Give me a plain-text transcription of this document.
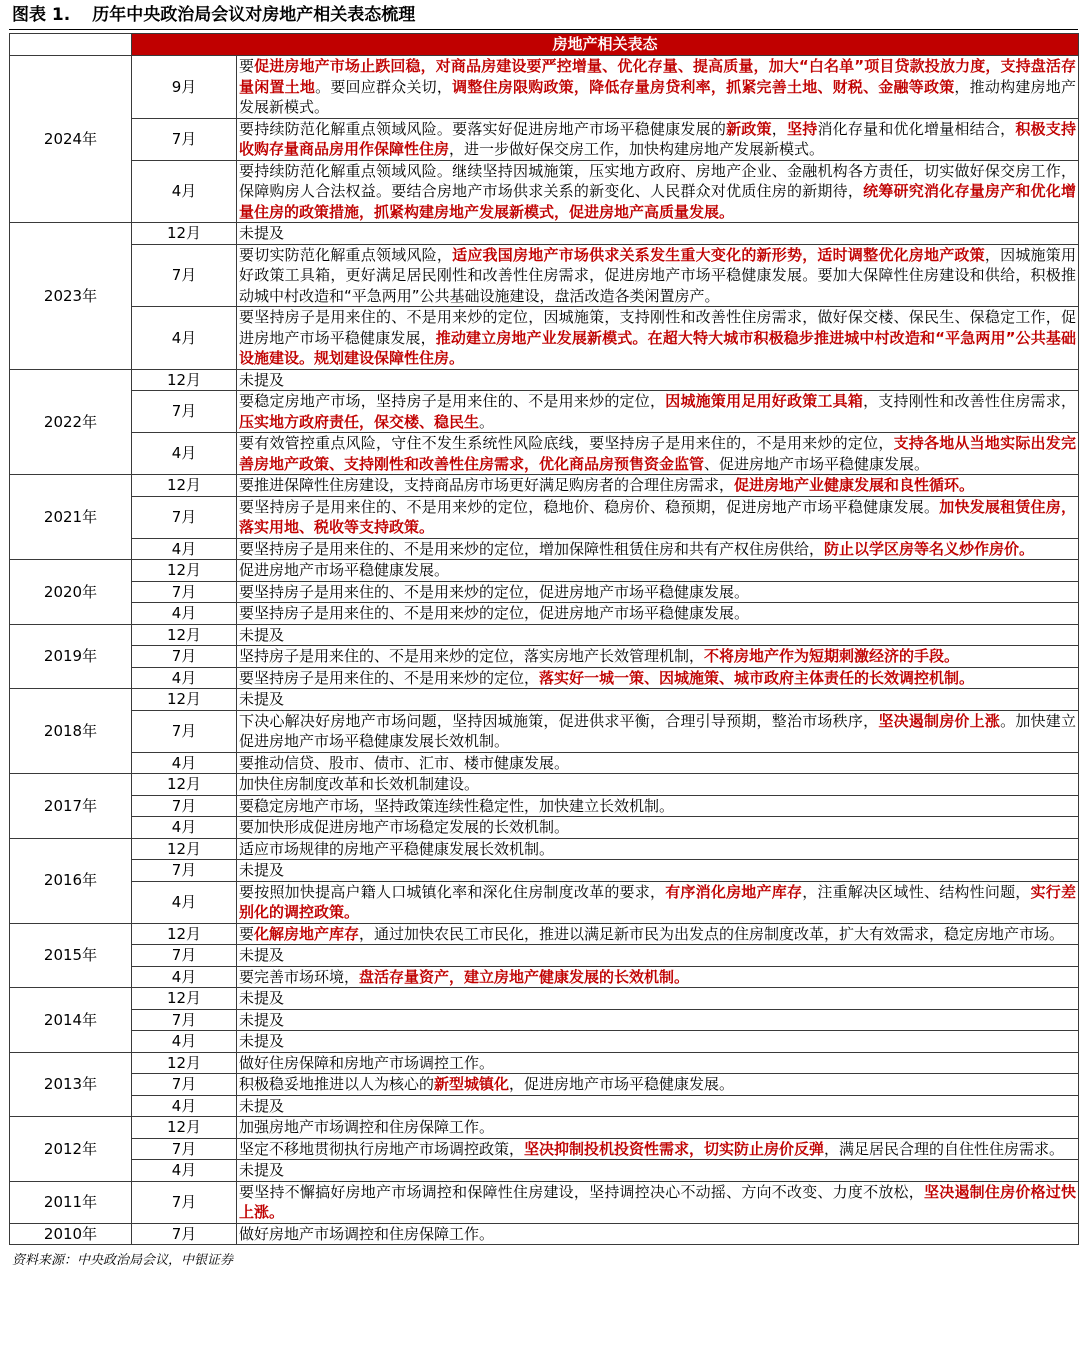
图表 1. 历年中央政治局会议对房地产相关表态梳理
	房地产相关表态	
2024年	9月	要促进房地产市场止跌回稳，对商品房建设要严控增量、优化存量、提高质量，加大“白名单”项目贷款投放力度，支持盘活存量闲置土地。要回应群众关切，调整住房限购政策，降低存量房贷利率，抓紧完善土地、财税、金融等政策，推动构建房地产发展新模式。
	7月	要持续防范化解重点领域风险。要落实好促进房地产市场平稳健康发展的新政策，坚持消化存量和优化增量相结合，积极支持收购存量商品房用作保障性住房，进一步做好保交房工作，加快构建房地产发展新模式。
	4月	要持续防范化解重点领域风险。继续坚持因城施策，压实地方政府、房地产企业、金融机构各方责任，切实做好保交房工作，保障购房人合法权益。要结合房地产市场供求关系的新变化、人民群众对优质住房的新期待，统筹研究消化存量房产和优化增量住房的政策措施，抓紧构建房地产发展新模式，促进房地产高质量发展。
2023年	12月	未提及
	7月	要切实防范化解重点领域风险，适应我国房地产市场供求关系发生重大变化的新形势，适时调整优化房地产政策，因城施策用好政策工具箱，更好满足居民刚性和改善性住房需求，促进房地产市场平稳健康发展。要加大保障性住房建设和供给，积极推动城中村改造和“平急两用”公共基础设施建设，盘活改造各类闲置房产。
	4月	要坚持房子是用来住的、不是用来炒的定位，因城施策，支持刚性和改善性住房需求，做好保交楼、保民生、保稳定工作，促进房地产市场平稳健康发展，推动建立房地产业发展新模式。在超大特大城市积极稳步推进城中村改造和“平急两用”公共基础设施建设。规划建设保障性住房。
2022年	12月	未提及
	7月	要稳定房地产市场，坚持房子是用来住的、不是用来炒的定位，因城施策用足用好政策工具箱，支持刚性和改善性住房需求，压实地方政府责任，保交楼、稳民生。
	4月	要有效管控重点风险，守住不发生系统性风险底线，要坚持房子是用来住的，不是用来炒的定位，支持各地从当地实际出发完善房地产政策、支持刚性和改善性住房需求，优化商品房预售资金监管、促进房地产市场平稳健康发展。
2021年	12月	要推进保障性住房建设，支持商品房市场更好满足购房者的合理住房需求，促进房地产业健康发展和良性循环。
	7月	要坚持房子是用来住的、不是用来炒的定位，稳地价、稳房价、稳预期，促进房地产市场平稳健康发展。加快发展租赁住房，落实用地、税收等支持政策。
	4月	要坚持房子是用来住的、不是用来炒的定位，增加保障性租赁住房和共有产权住房供给，防止以学区房等名义炒作房价。
2020年	12月	促进房地产市场平稳健康发展。
	7月	要坚持房子是用来住的、不是用来炒的定位，促进房地产市场平稳健康发展。
	4月	要坚持房子是用来住的、不是用来炒的定位，促进房地产市场平稳健康发展。
2019年	12月	未提及
	7月	坚持房子是用来住的、不是用来炒的定位，落实房地产长效管理机制，不将房地产作为短期刺激经济的手段。
	4月	要坚持房子是用来住的、不是用来炒的定位，落实好一城一策、因城施策、城市政府主体责任的长效调控机制。
2018年	12月	未提及
	7月	下决心解决好房地产市场问题，坚持因城施策，促进供求平衡，合理引导预期，整治市场秩序，坚决遏制房价上涨。加快建立促进房地产市场平稳健康发展长效机制。
	4月	要推动信贷、股市、债市、汇市、楼市健康发展。
2017年	12月	加快住房制度改革和长效机制建设。
	7月	要稳定房地产市场，坚持政策连续性稳定性，加快建立长效机制。
	4月	要加快形成促进房地产市场稳定发展的长效机制。
2016年	12月	适应市场规律的房地产平稳健康发展长效机制。
	7月	未提及
	4月	要按照加快提高户籍人口城镇化率和深化住房制度改革的要求，有序消化房地产库存，注重解决区域性、结构性问题，实行差别化的调控政策。
2015年	12月	要化解房地产库存，通过加快农民工市民化，推进以满足新市民为出发点的住房制度改革，扩大有效需求，稳定房地产市场。
	7月	未提及
	4月	要完善市场环境，盘活存量资产，建立房地产健康发展的长效机制。
2014年	12月	未提及
	7月	未提及
	4月	未提及
2013年	12月	做好住房保障和房地产市场调控工作。
	7月	积极稳妥地推进以人为核心的新型城镇化，促进房地产市场平稳健康发展。
	4月	未提及
2012年	12月	加强房地产市场调控和住房保障工作。
	7月	坚定不移地贯彻执行房地产市场调控政策，坚决抑制投机投资性需求，切实防止房价反弹，满足居民合理的自住性住房需求。
	4月	未提及
2011年	7月	要坚持不懈搞好房地产市场调控和保障性住房建设，坚持调控决心不动摇、方向不改变、力度不放松，坚决遏制住房价格过快上涨。
2010年	7月	做好房地产市场调控和住房保障工作。
资料来源：中央政治局会议，中银证券
